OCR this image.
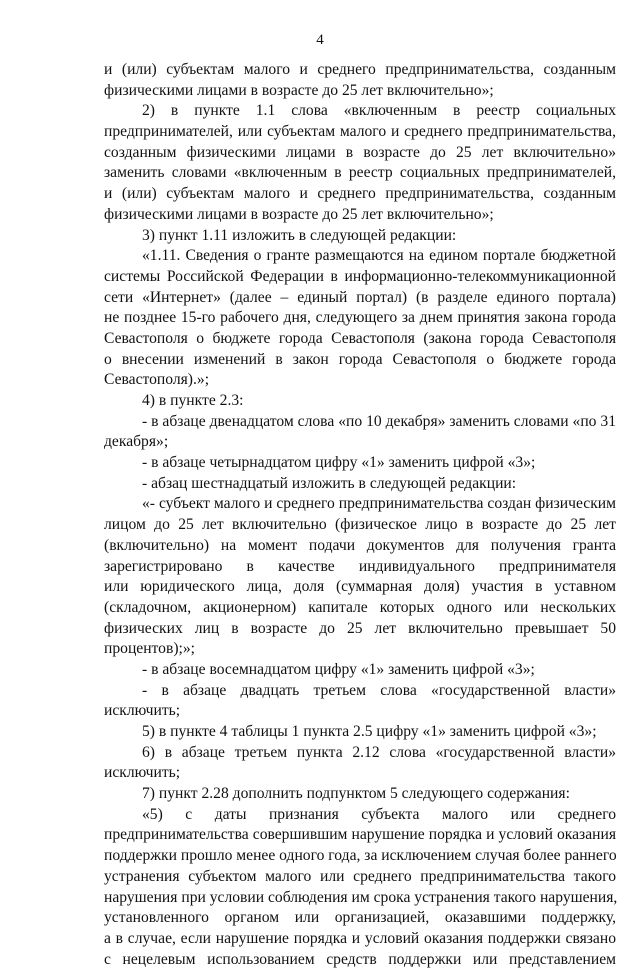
4
и (или) субъектам малого и среднего предпринимательства, созданным
физическими лицами в возрасте до 25 лет включительно»;
2) в пункте 1.1 слова «включенным в реестр социальных
предпринимателей, или субъектам малого и среднего предпринимательства,
созданным физическими лицами в возрасте до 25 лет включительно»
заменить словами «включенным в реестр социальных предпринимателей,
и (или) субъектам малого и среднего предпринимательства, созданным
физическими лицами в возрасте до 25 лет включительно»;
3) пункт 1.11 изложить в следующей редакции:
«1.11. Сведения о гранте размещаются на едином портале бюджетной
системы Российской Федерации в информационно-телекоммуникационной
сети «Интернет» (далее – единый портал) (в разделе единого портала)
не позднее 15-го рабочего дня, следующего за днем принятия закона города
Севастополя о бюджете города Севастополя (закона города Севастополя
о внесении изменений в закон города Севастополя о бюджете города
Севастополя).»;
4) в пункте 2.3:
- в абзаце двенадцатом слова «по 10 декабря» заменить словами «по 31
декабря»;
- в абзаце четырнадцатом цифру «1» заменить цифрой «3»;
- абзац шестнадцатый изложить в следующей редакции:
«- субъект малого и среднего предпринимательства создан физическим
лицом до 25 лет включительно (физическое лицо в возрасте до 25 лет
(включительно) на момент подачи документов для получения гранта
зарегистрировано в качестве индивидуального предпринимателя
или юридического лица, доля (суммарная доля) участия в уставном
(складочном, акционерном) капитале которых одного или нескольких
физических лиц в возрасте до 25 лет включительно превышает 50
процентов);»;
- в абзаце восемнадцатом цифру «1» заменить цифрой «3»;
- в абзаце двадцать третьем слова «государственной власти»
исключить;
5) в пункте 4 таблицы 1 пункта 2.5 цифру «1» заменить цифрой «3»;
6) в абзаце третьем пункта 2.12 слова «государственной власти»
исключить;
7) пункт 2.28 дополнить подпунктом 5 следующего содержания:
«5) с даты признания субъекта малого или среднего
предпринимательства совершившим нарушение порядка и условий оказания
поддержки прошло менее одного года, за исключением случая более раннего
устранения субъектом малого или среднего предпринимательства такого
нарушения при условии соблюдения им срока устранения такого нарушения,
установленного органом или организацией, оказавшими поддержку,
а в случае, если нарушение порядка и условий оказания поддержки связано
с нецелевым использованием средств поддержки или представлением
